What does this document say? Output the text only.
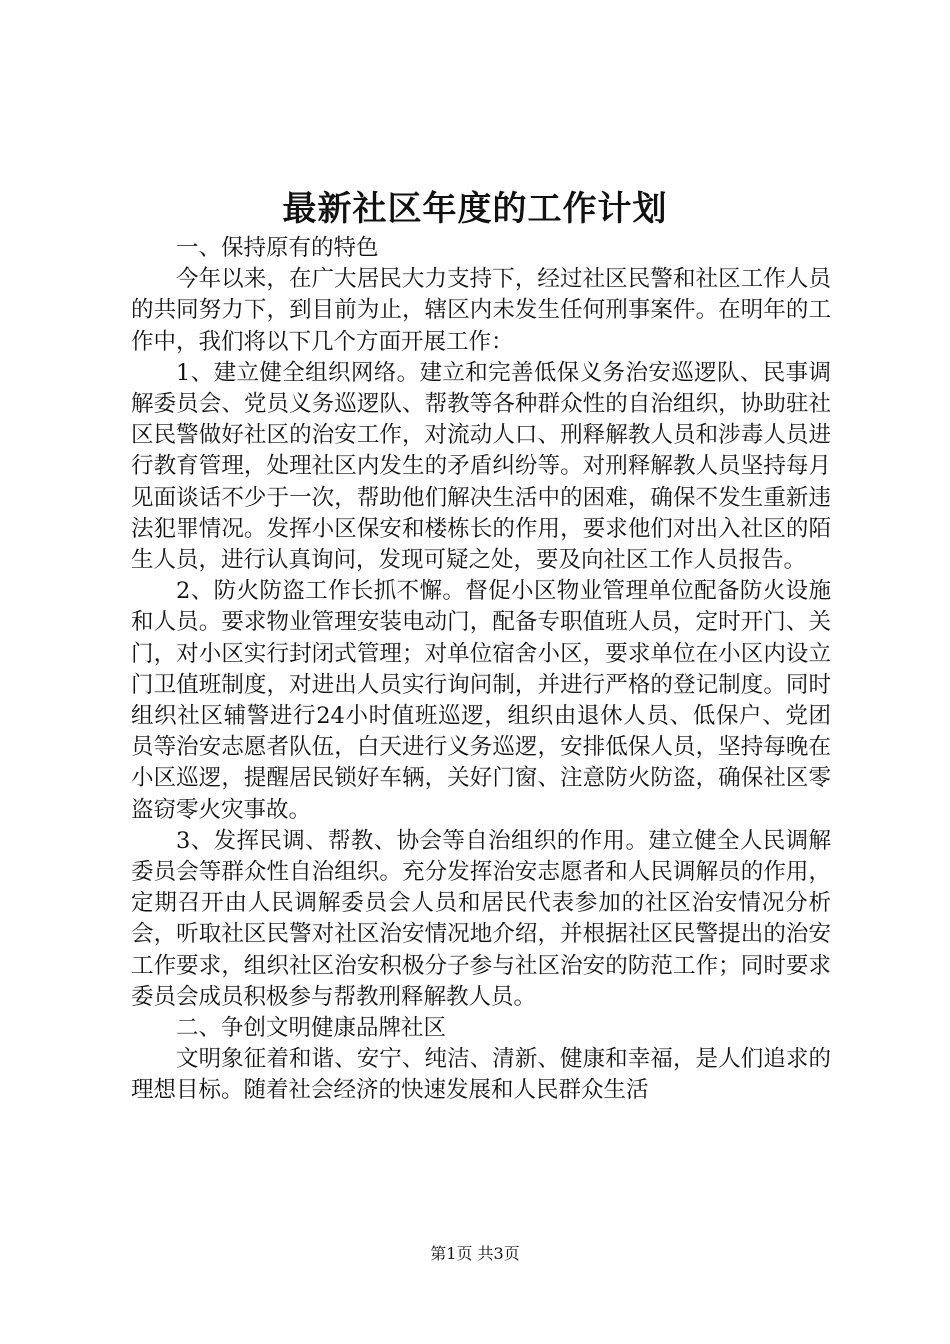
最新社区年度的工作计划

一、保持原有的特色

今年以来，在广大居民大力支持下，经过社区民警和社区工作人员的共同努力下，到目前为止，辖区内未发生任何刑事案件。在明年的工作中，我们将以下几个方面开展工作：

1、建立健全组织网络。建立和完善低保义务治安巡逻队、民事调解委员会、党员义务巡逻队、帮教等各种群众性的自治组织，协助驻社区民警做好社区的治安工作，对流动人口、刑释解教人员和涉毒人员进行教育管理，处理社区内发生的矛盾纠纷等。对刑释解教人员坚持每月见面谈话不少于一次，帮助他们解决生活中的困难，确保不发生重新违法犯罪情况。发挥小区保安和楼栋长的作用，要求他们对出入社区的陌生人员，进行认真询问，发现可疑之处，要及向社区工作人员报告。

2、防火防盗工作长抓不懈。督促小区物业管理单位配备防火设施和人员。要求物业管理安装电动门，配备专职值班人员，定时开门、关门，对小区实行封闭式管理；对单位宿舍小区，要求单位在小区内设立门卫值班制度，对进出人员实行询问制，并进行严格的登记制度。同时组织社区辅警进行24小时值班巡逻，组织由退休人员、低保户、党团员等治安志愿者队伍，白天进行义务巡逻，安排低保人员，坚持每晚在小区巡逻，提醒居民锁好车辆，关好门窗、注意防火防盗，确保社区零盗窃零火灾事故。

3、发挥民调、帮教、协会等自治组织的作用。建立健全人民调解委员会等群众性自治组织。充分发挥治安志愿者和人民调解员的作用，定期召开由人民调解委员会人员和居民代表参加的社区治安情况分析会，听取社区民警对社区治安情况地介绍，并根据社区民警提出的治安工作要求，组织社区治安积极分子参与社区治安的防范工作；同时要求委员会成员积极参与帮教刑释解教人员。

二、争创文明健康品牌社区

文明象征着和谐、安宁、纯洁、清新、健康和幸福，是人们追求的理想目标。随着社会经济的快速发展和人民群众生活

第1页 共3页
